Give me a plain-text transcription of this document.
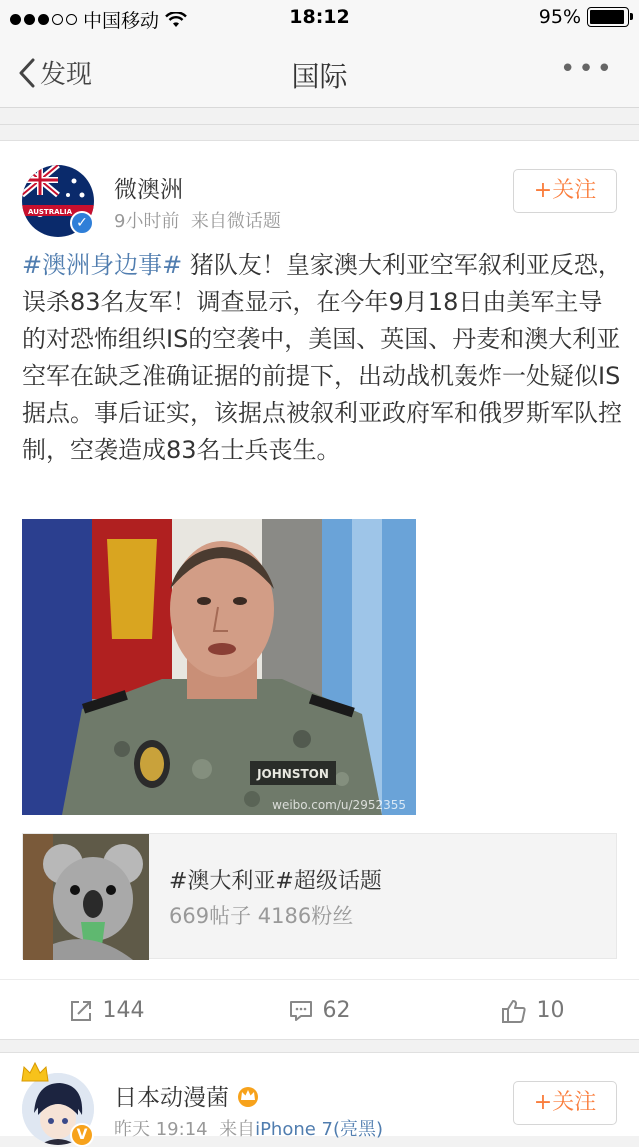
中国移动	18:12	95%
发现	国际	•••
AUSTRALIA
✓
微澳洲
9小时前 来自微话题
+关注
#澳洲身边事# 猪队友！皇家澳大利亚空军叙利亚反恐，误杀83名友军！调查显示，在今年9月18日由美军主导的对恐怖组织IS的空袭中，美国、英国、丹麦和澳大利亚空军在缺乏准确证据的前提下，出动战机轰炸一处疑似IS据点。事后证实，该据点被叙利亚政府军和俄罗斯军队控制，空袭造成83名士兵丧生。
JOHNSTON
weibo.com/u/2952355
#澳大利亚#超级话题
669帖子 4186粉丝
144	62	10
V
日本动漫菌
昨天 19:14 来自iPhone 7(亮黑)
+关注
